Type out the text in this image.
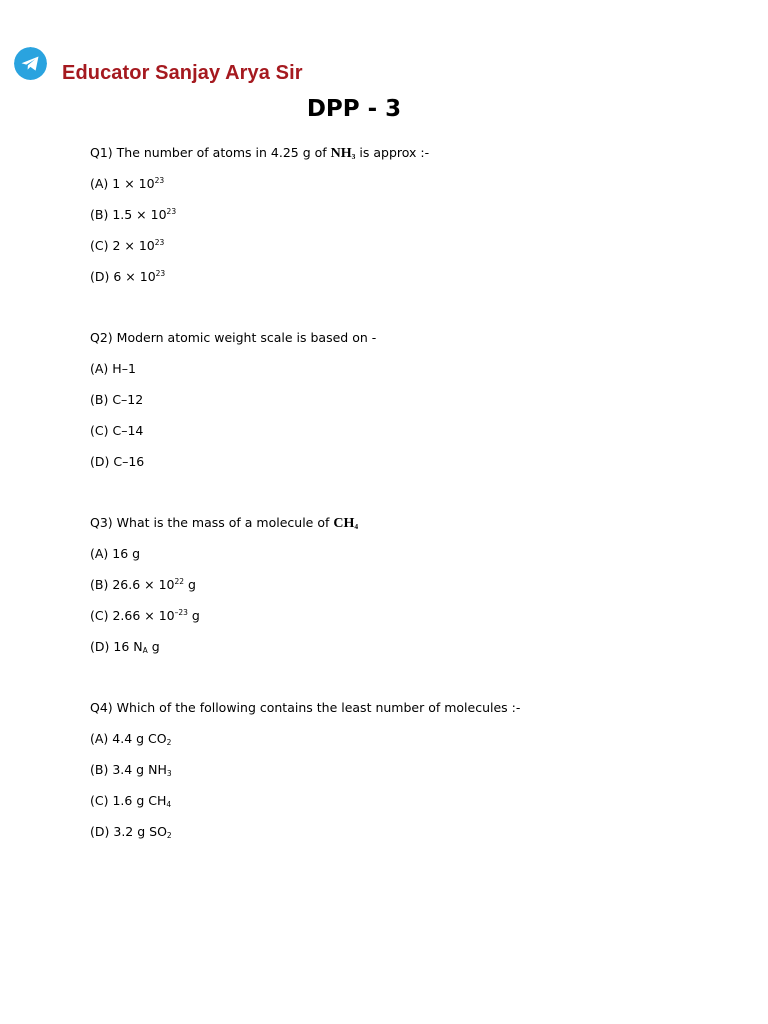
Educator Sanjay Arya Sir
DPP - 3
Q1) The number of atoms in 4.25 g of $NH_3$ is approx :-
(A) $1 \times 10^{23}$
(B) $1.5 \times 10^{23}$
(C) $2 \times 10^{23}$
(D) $6 \times 10^{23}$
Q2) Modern atomic weight scale is based on -
(A) H–1
(B) C–12
(C) C–14
(D) C–16
Q3) What is the mass of a molecule of $CH_4$
(A) 16 g
(B) $26.6 \times 10^{22}$ g
(C) $2.66 \times 10^{-23}$ g
(D) 16 $N_A$ g
Q4) Which of the following contains the least number of molecules :-
(A) 4.4 g $CO_2$
(B) 3.4 g $NH_3$
(C) 1.6 g $CH_4$
(D) 3.2 g $SO_2$
